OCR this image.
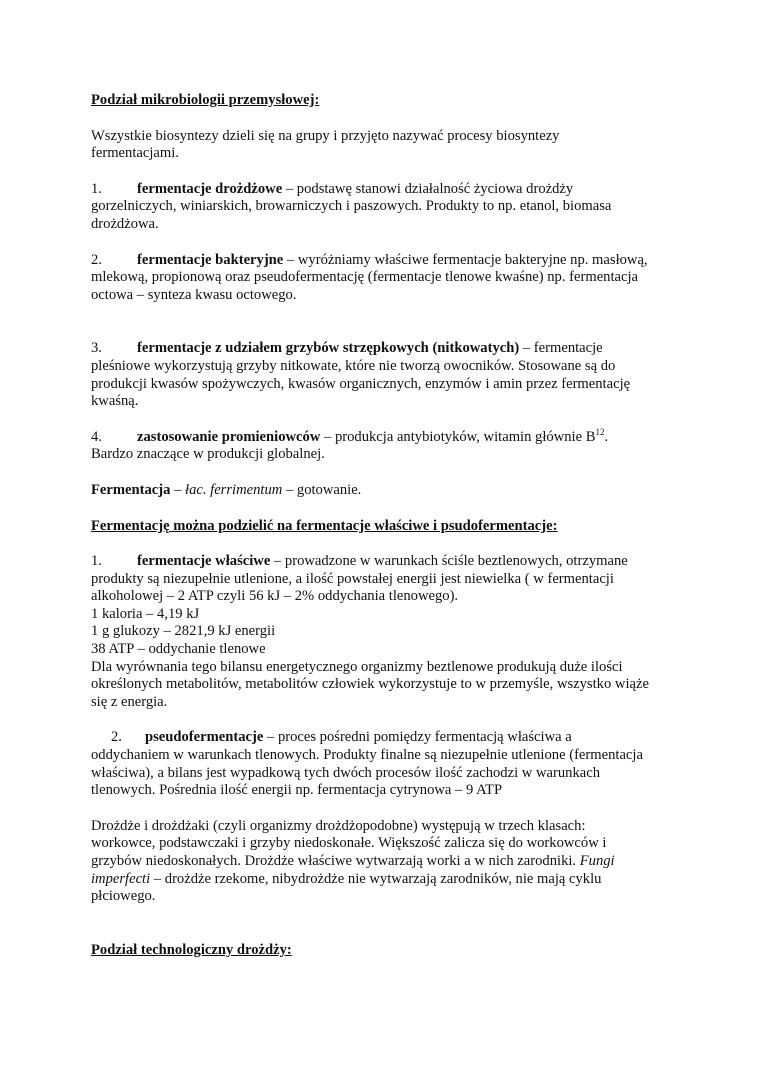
Podział mikrobiologii przemysłowej:

Wszystkie biosyntezy dzieli się na grupy i przyjęto nazywać procesy biosyntezy fermentacjami.

1. fermentacje drożdżowe – podstawę stanowi działalność życiowa drożdży gorzelniczych, winiarskich, browarniczych i paszowych. Produkty to np. etanol, biomasa drożdżowa.

2. fermentacje bakteryjne – wyróżniamy właściwe fermentacje bakteryjne np. masłową, mlekową, propionową oraz pseudofermentację (fermentacje tlenowe kwaśne) np. fermentacja octowa – synteza kwasu octowego.

3. fermentacje z udziałem grzybów strzępkowych (nitkowatych) – fermentacje pleśniowe wykorzystują grzyby nitkowate, które nie tworzą owocników. Stosowane są do produkcji kwasów spożywczych, kwasów organicznych, enzymów i amin przez fermentację kwaśną.

4. zastosowanie promieniowców – produkcja antybiotyków, witamin głównie $B^{12}$. Bardzo znaczące w produkcji globalnej.

Fermentacja – łac. ferrimentum – gotowanie.

Fermentację można podzielić na fermentacje właściwe i psudofermentacje:

1. fermentacje właściwe – prowadzone w warunkach ściśle beztlenowych, otrzymane produkty są niezupełnie utlenione, a ilość powstałej energii jest niewielka ( w fermentacji alkoholowej – 2 ATP czyli 56 kJ – 2% oddychania tlenowego).

1 kaloria – 4,19 kJ

1 g glukozy – 2821,9 kJ energii

38 ATP – oddychanie tlenowe

Dla wyrównania tego bilansu energetycznego organizmy beztlenowe produkują duże ilości określonych metabolitów, metabolitów człowiek wykorzystuje to w przemyśle, wszystko wiąże się z energia.

2. pseudofermentacje – proces pośredni pomiędzy fermentacją właściwa a oddychaniem w warunkach tlenowych. Produkty finalne są niezupełnie utlenione (fermentacja właściwa), a bilans jest wypadkową tych dwóch procesów ilość zachodzi w warunkach tlenowych. Pośrednia ilość energii np. fermentacja cytrynowa – 9 ATP

Drożdże i drożdżaki (czyli organizmy drożdżopodobne) występują w trzech klasach: workowce, podstawczaki i grzyby niedoskonałe. Większość zalicza się do workowców i grzybów niedoskonałych. Drożdże właściwe wytwarzają worki a w nich zarodniki. Fungi imperfecti – drożdże rzekome, nibydrożdże nie wytwarzają zarodników, nie mają cyklu płciowego.

Podział technologiczny drożdży:
